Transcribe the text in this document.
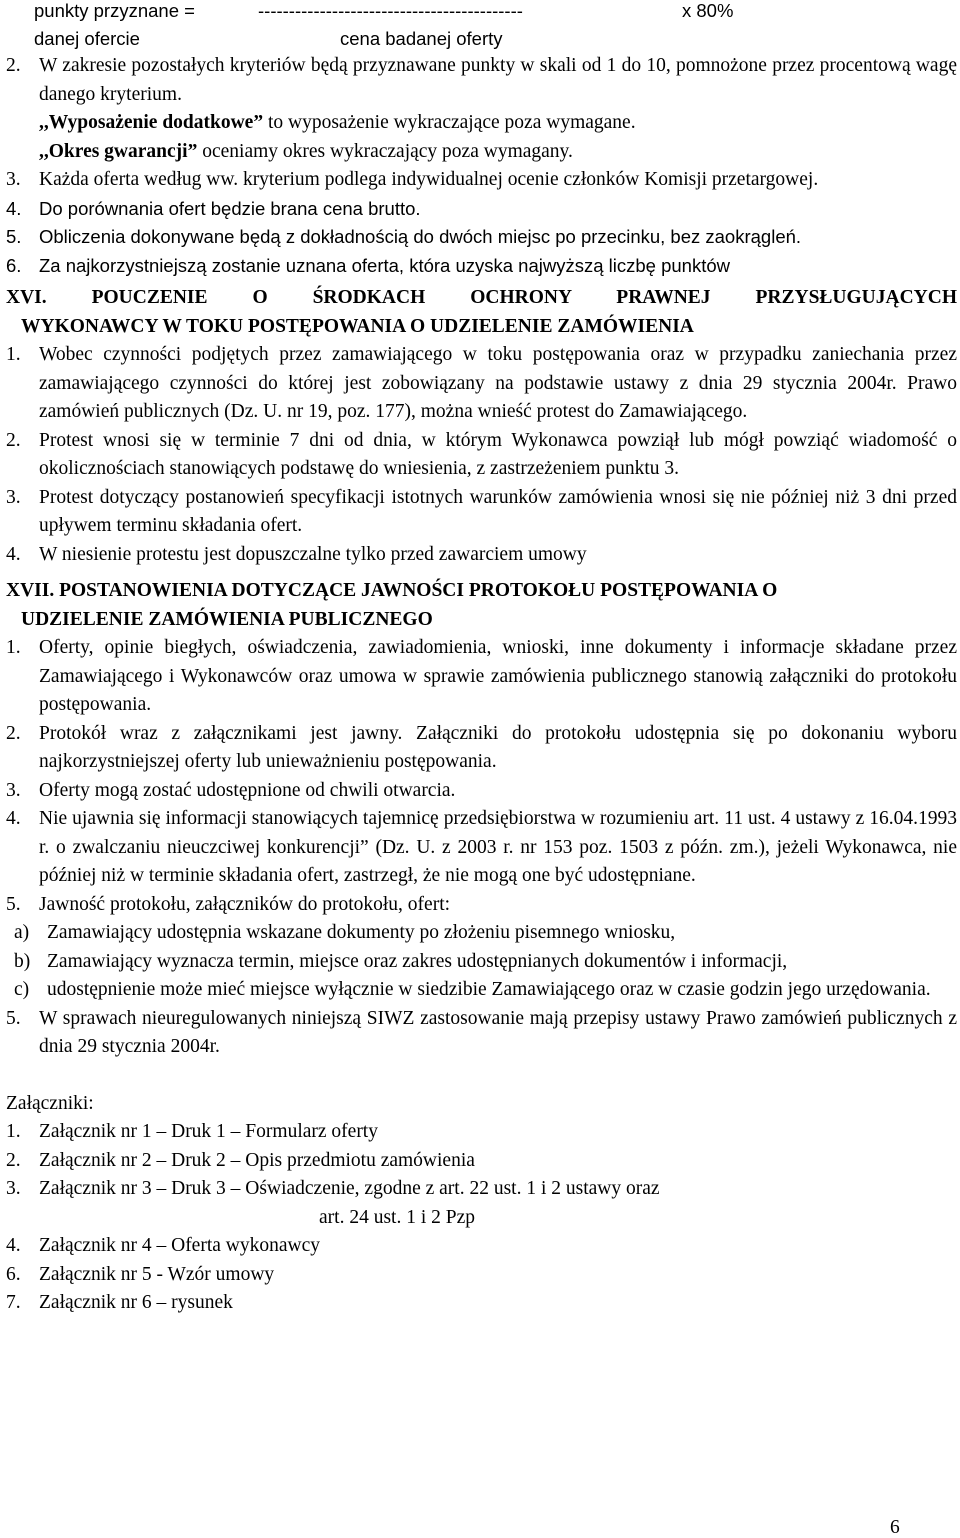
punkty przyznane =	-------------------------------------------	x 80%
danej ofercie	cena badanej oferty
2. W zakresie pozostałych kryteriów będą przyznawane punkty w skali od 1 do 10, pomnożone przez procentową wagę danego kryterium.
,,Wyposażenie dodatkowe” to wyposażenie wykraczające poza wymagane.
,,Okres gwarancji” oceniamy okres wykraczający poza wymagany.
3. Każda oferta według ww. kryterium podlega indywidualnej ocenie członków Komisji przetargowej.
4. Do porównania ofert będzie brana cena brutto.
5. Obliczenia dokonywane będą z dokładnością do dwóch miejsc po przecinku, bez zaokrągleń.
6. Za najkorzystniejszą zostanie uznana oferta, która uzyska najwyższą liczbę punktów
XVI. POUCZENIE O ŚRODKACH OCHRONY PRAWNEJ PRZYSŁUGUJĄCYCH
WYKONAWCY W TOKU POSTĘPOWANIA O UDZIELENIE ZAMÓWIENIA
1. Wobec czynności podjętych przez zamawiającego w toku postępowania oraz w przypadku zaniechania przez zamawiającego czynności do której jest zobowiązany na podstawie ustawy z dnia 29 stycznia 2004r. Prawo zamówień publicznych (Dz. U. nr 19, poz. 177), można wnieść protest do Zamawiającego.
2. Protest wnosi się w terminie 7 dni od dnia, w którym Wykonawca powziął lub mógł powziąć wiadomość o okolicznościach stanowiących podstawę do wniesienia, z zastrzeżeniem punktu 3.
3. Protest dotyczący postanowień specyfikacji istotnych warunków zamówienia wnosi się nie później niż 3 dni przed upływem terminu składania ofert.
4. W niesienie protestu jest dopuszczalne tylko przed zawarciem umowy
XVII. POSTANOWIENIA DOTYCZĄCE JAWNOŚCI PROTOKOŁU POSTĘPOWANIA O
UDZIELENIE ZAMÓWIENIA PUBLICZNEGO
1. Oferty, opinie biegłych, oświadczenia, zawiadomienia, wnioski, inne dokumenty i informacje składane przez Zamawiającego i Wykonawców oraz umowa w sprawie zamówienia publicznego stanowią załączniki do protokołu postępowania.
2. Protokół wraz z załącznikami jest jawny. Załączniki do protokołu udostępnia się po dokonaniu wyboru najkorzystniejszej oferty lub unieważnieniu postępowania.
3. Oferty mogą zostać udostępnione od chwili otwarcia.
4. Nie ujawnia się informacji stanowiących tajemnicę przedsiębiorstwa w rozumieniu art. 11 ust. 4 ustawy z 16.04.1993 r. o zwalczaniu nieuczciwej konkurencji” (Dz. U. z 2003 r. nr 153 poz. 1503 z późn. zm.), jeżeli Wykonawca, nie później niż w terminie składania ofert, zastrzegł, że nie mogą one być udostępniane.
5. Jawność protokołu, załączników do protokołu, ofert:
a) Zamawiający udostępnia wskazane dokumenty po złożeniu pisemnego wniosku,
b) Zamawiający wyznacza termin, miejsce oraz zakres udostępnianych dokumentów i informacji,
c) udostępnienie może mieć miejsce wyłącznie w siedzibie Zamawiającego oraz w czasie godzin jego urzędowania.
5. W sprawach nieuregulowanych niniejszą SIWZ zastosowanie mają przepisy ustawy Prawo zamówień publicznych z dnia 29 stycznia 2004r.
Załączniki:
1. Załącznik nr 1 – Druk 1 – Formularz oferty
2. Załącznik nr 2 – Druk 2 – Opis przedmiotu zamówienia
3. Załącznik nr 3 – Druk 3 – Oświadczenie, zgodne z art. 22 ust. 1 i 2 ustawy oraz
art. 24 ust. 1 i 2 Pzp
4. Załącznik nr 4 – Oferta wykonawcy
6. Załącznik nr 5 - Wzór umowy
7. Załącznik nr 6 – rysunek
6
